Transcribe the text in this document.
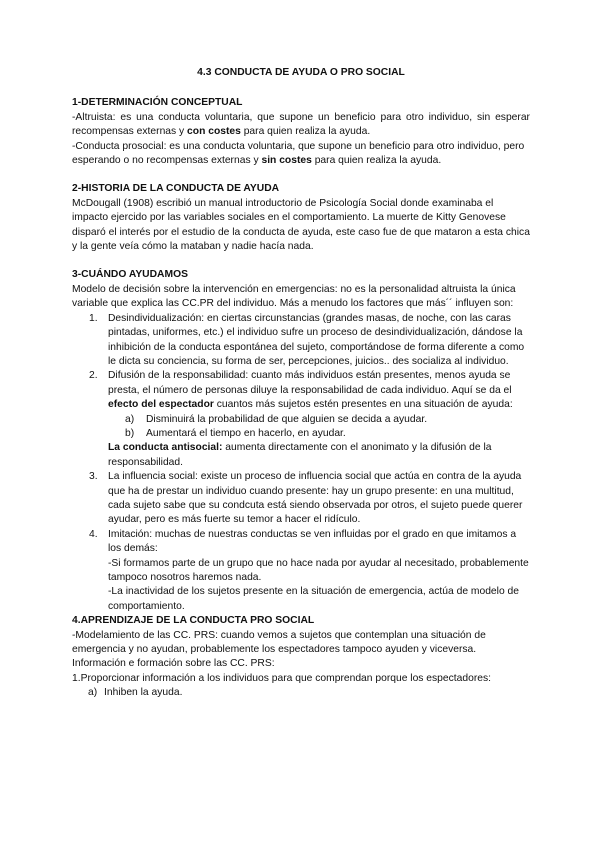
4.3 CONDUCTA DE AYUDA O PRO SOCIAL

1-DETERMINACIÓN CONCEPTUAL

-Altruista: es una conducta voluntaria, que supone un beneficio para otro individuo, sin esperar recompensas externas y con costes para quien realiza la ayuda.

-Conducta prosocial: es una conducta voluntaria, que supone un beneficio para otro individuo, pero esperando o no recompensas externas y sin costes para quien realiza la ayuda.

2-HISTORIA DE LA CONDUCTA DE AYUDA

McDougall (1908) escribió un manual introductorio de Psicología Social donde examinaba el impacto ejercido por las variables sociales en el comportamiento. La muerte de Kitty Genovese disparó el interés por el estudio de la conducta de ayuda, este caso fue de que mataron a esta chica y la gente veía cómo la mataban y nadie hacía nada.

3-CUÁNDO AYUDAMOS

Modelo de decisión sobre la intervención en emergencias: no es la personalidad altruista la única variable que explica las CC.PR del individuo. Más a menudo los factores que más´´ influyen son:

1. Desindividualización: en ciertas circunstancias (grandes masas, de noche, con las caras pintadas, uniformes, etc.) el individuo sufre un proceso de desindividualización, dándose la inhibición de la conducta espontánea del sujeto, comportándose de forma diferente a como le dicta su conciencia, su forma de ser, percepciones, juicios.. des socializa al individuo.
2. Difusión de la responsabilidad: cuanto más individuos están presentes, menos ayuda se presta, el número de personas diluye la responsabilidad de cada individuo. Aquí se da el efecto del espectador cuantos más sujetos estén presentes en una situación de ayuda:
a) Disminuirá la probabilidad de que alguien se decida a ayudar.
b) Aumentará el tiempo en hacerlo, en ayudar.
La conducta antisocial: aumenta directamente con el anonimato y la difusión de la responsabilidad.
3. La influencia social: existe un proceso de influencia social que actúa en contra de la ayuda que ha de prestar un individuo cuando presente: hay un grupo presente: en una multitud, cada sujeto sabe que su condcuta está siendo observada por otros, el sujeto puede querer ayudar, pero es más fuerte su temor a hacer el ridículo.
4. Imitación: muchas de nuestras conductas se ven influidas por el grado en que imitamos a los demás:
-Si formamos parte de un grupo que no hace nada por ayudar al necesitado, probablemente tampoco nosotros haremos nada.
-La inactividad de los sujetos presente en la situación de emergencia, actúa de modelo de comportamiento.

4.APRENDIZAJE DE LA CONDUCTA PRO SOCIAL

-Modelamiento de las CC. PRS: cuando vemos a sujetos que contemplan una situación de emergencia y no ayudan, probablemente los espectadores tampoco ayuden y viceversa.

Información e formación sobre las CC. PRS:

1.Proporcionar información a los individuos para que comprendan porque los espectadores:

a) Inhiben la ayuda.
